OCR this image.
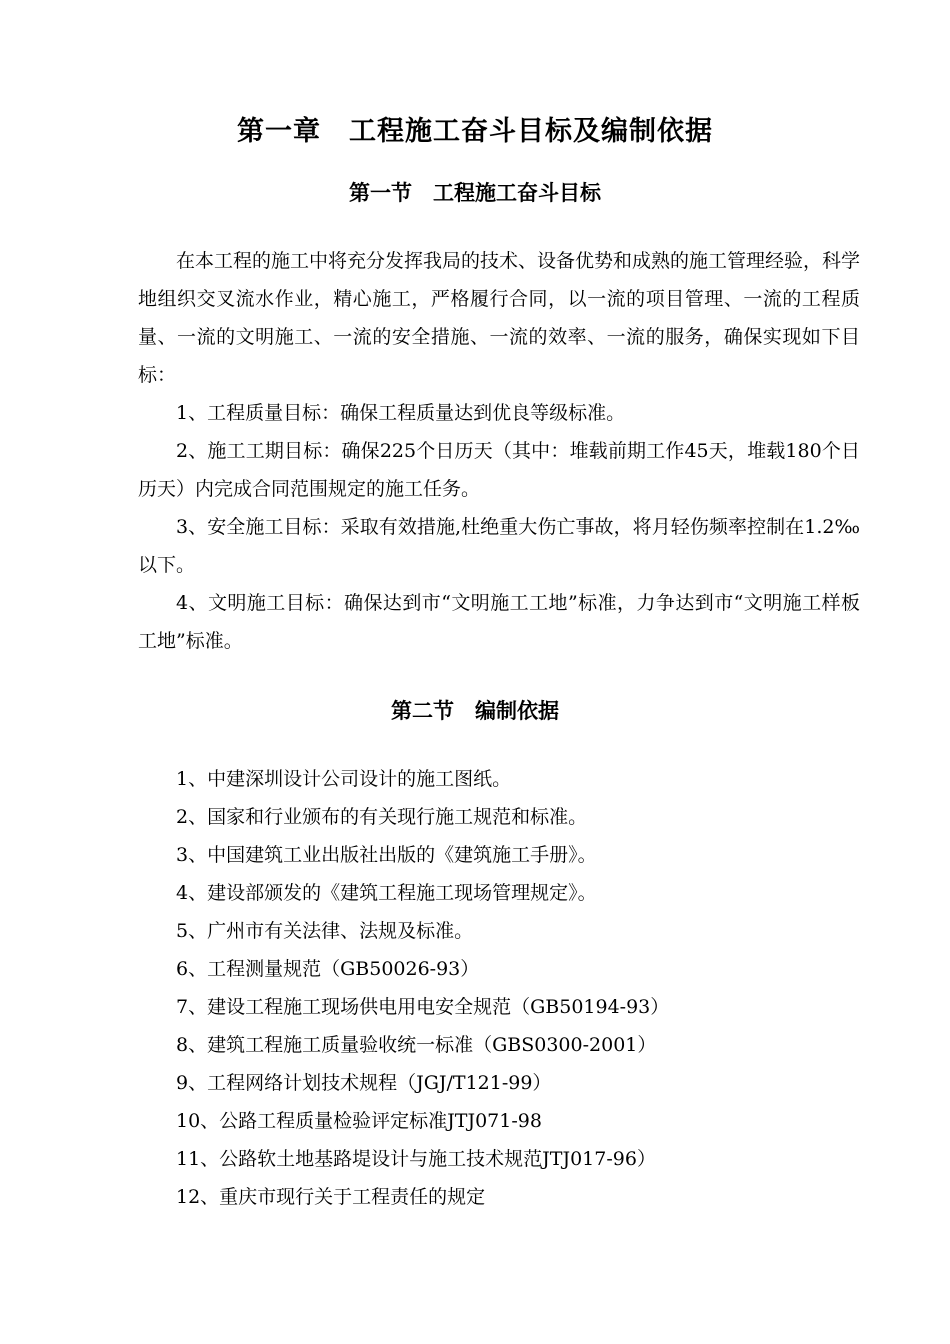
第一章　工程施工奋斗目标及编制依据
第一节　工程施工奋斗目标

在本工程的施工中将充分发挥我局的技术、设备优势和成熟的施工管理经验，科学地组织交叉流水作业，精心施工，严格履行合同，以一流的项目管理、一流的工程质量、一流的文明施工、一流的安全措施、一流的效率、一流的服务，确保实现如下目标：

1、工程质量目标：确保工程质量达到优良等级标准。

2、施工工期目标：确保225个日历天（其中：堆载前期工作45天，堆载180个日历天）内完成合同范围规定的施工任务。

3、安全施工目标：采取有效措施,杜绝重大伤亡事故，将月轻伤频率控制在1.2‰以下。

4、文明施工目标：确保达到市“文明施工工地”标准，力争达到市“文明施工样板工地”标准。

第二节　编制依据

1、中建深圳设计公司设计的施工图纸。

2、国家和行业颁布的有关现行施工规范和标准。

3、中国建筑工业出版社出版的《建筑施工手册》。

4、建设部颁发的《建筑工程施工现场管理规定》。

5、广州市有关法律、法规及标准。

6、工程测量规范（GB50026-93）

7、建设工程施工现场供电用电安全规范（GB50194-93）

8、建筑工程施工质量验收统一标准（GBS0300-2001）

9、工程网络计划技术规程（JGJ/T121-99）

10、公路工程质量检验评定标准JTJ071-98

11、公路软土地基路堤设计与施工技术规范JTJ017-96）

12、重庆市现行关于工程责任的规定
